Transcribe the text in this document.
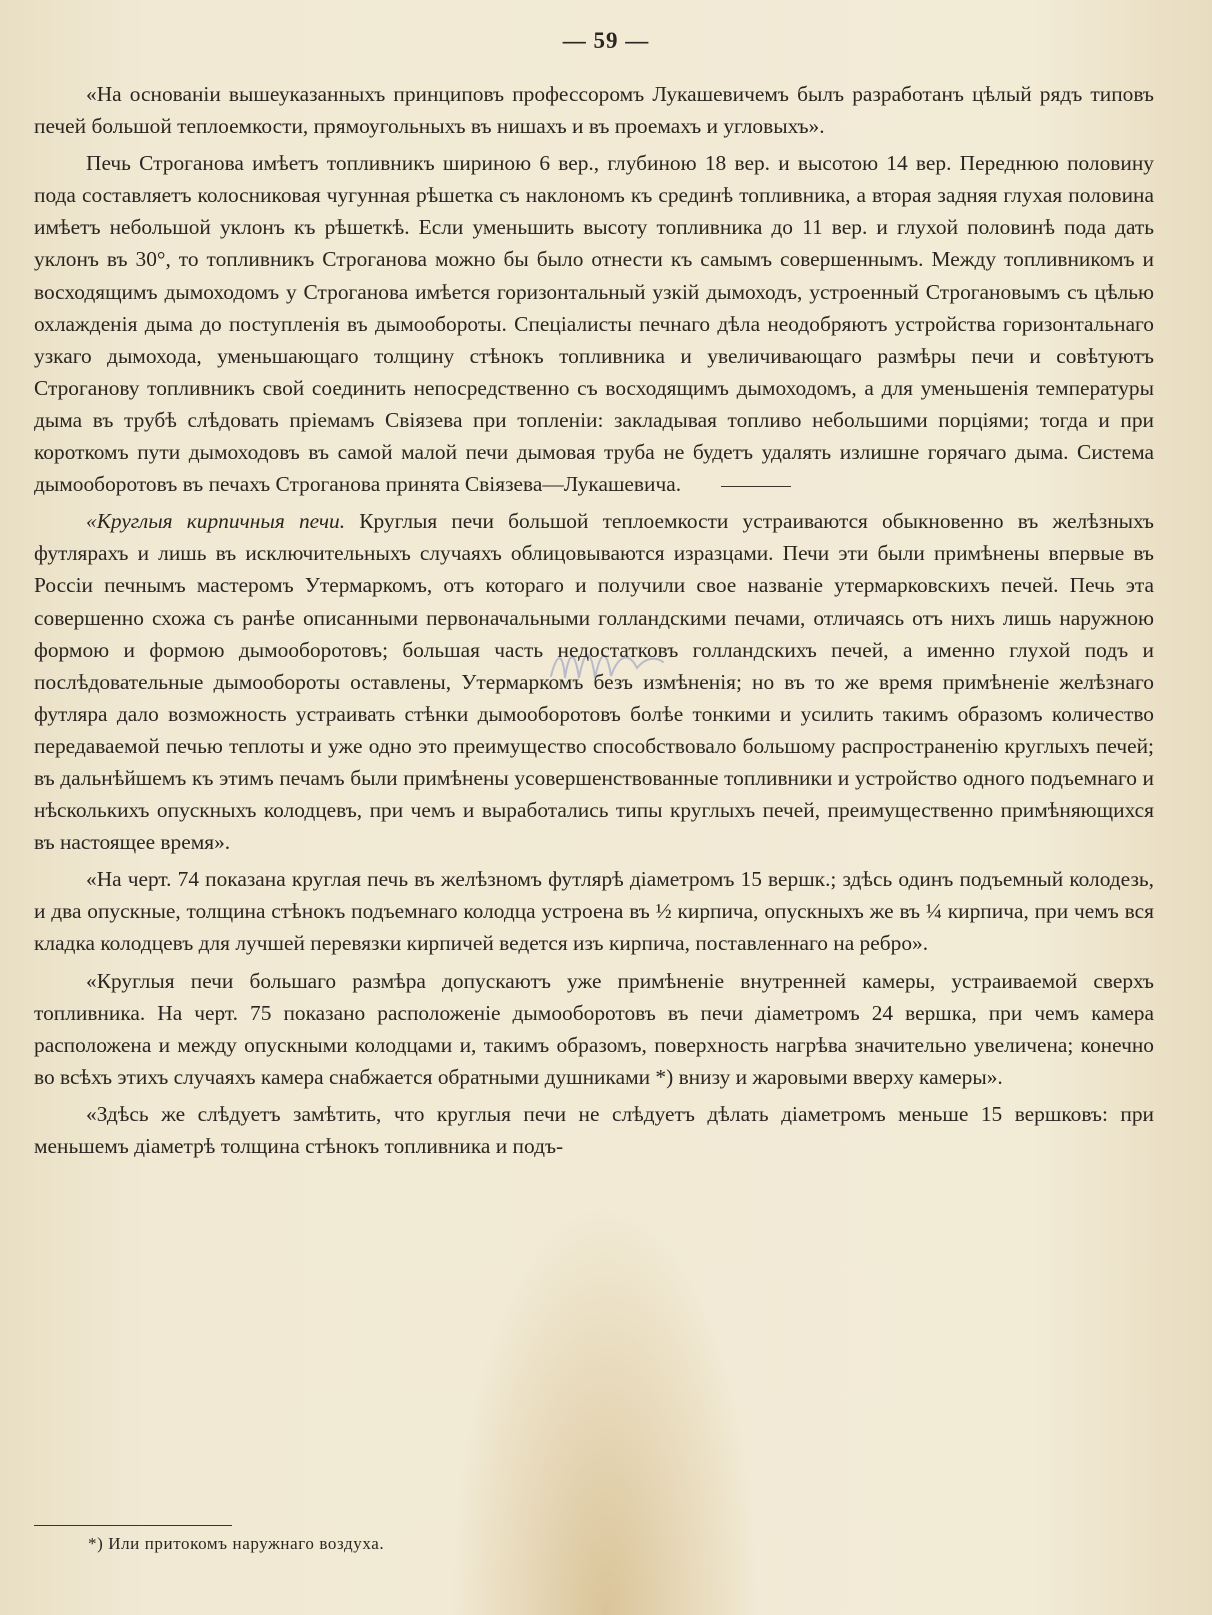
— 59 —

«На основанiи вышеуказанныхъ принциповъ профессоромъ Лукашевичемъ былъ разработанъ цѣлый рядъ типовъ печей большой теплоемкости, прямоугольныхъ въ нишахъ и въ проемахъ и угловыхъ».

Печь Строганова имѣетъ топливникъ шириною 6 вер., глубиною 18 вер. и высотою 14 вер. Переднюю половину пода составляетъ колосниковая чугунная рѣшетка съ наклономъ къ срединѣ топливника, а вторая задняя глухая половина имѣетъ небольшой уклонъ къ рѣшеткѣ. Если уменьшить высоту топливника до 11 вер. и глухой половинѣ пода дать уклонъ въ 30°, то топливникъ Строганова можно бы было отнести къ самымъ совершеннымъ. Между топливникомъ и восходящимъ дымоходомъ у Строганова имѣется горизонтальный узкiй дымоходъ, устроенный Строгановымъ съ цѣлью охлажденiя дыма до поступленiя въ дымообороты. Спецiалисты печнаго дѣла неодобряютъ устройства горизонтальнаго узкаго дымохода, уменьшающаго толщину стѣнокъ топливника и увеличивающаго размѣры печи и совѣтуютъ Строганову топливникъ свой соединить непосредственно съ восходящимъ дымоходомъ, а для уменьшенiя температуры дыма въ трубѣ слѣдовать прiемамъ Свiязева при топленiи: закладывая топливо небольшими порцiями; тогда и при короткомъ пути дымоходовъ въ самой малой печи дымовая труба не будетъ удалять излишне горячаго дыма. Система дымооборотовъ въ печахъ Строганова принята Свiязева—Лукашевича.

«Круглыя кирпичныя печи. Круглыя печи большой теплоемкости устраиваются обыкновенно въ желѣзныхъ футлярахъ и лишь въ исключительныхъ случаяхъ облицовываются изразцами. Печи эти были примѣнены впервые въ Россiи печнымъ мастеромъ Утермаркомъ, отъ котораго и получили свое названiе утермарковскихъ печей. Печь эта совершенно схожа съ ранѣе описанными первоначальными голландскими печами, отличаясь отъ нихъ лишь наружною формою и формою дымооборотовъ; большая часть недостатковъ голландскихъ печей, а именно глухой подъ и послѣдовательные дымообороты оставлены, Утермаркомъ безъ измѣненiя; но въ то же время примѣненiе желѣзнаго футляра дало возможность устраивать стѣнки дымооборотовъ болѣе тонкими и усилить такимъ образомъ количество передаваемой печью теплоты и уже одно это преимущество способствовало большому распространенiю круглыхъ печей; въ дальнѣйшемъ къ этимъ печамъ были примѣнены усовершенствованные топливники и устройство одного подъемнаго и нѣсколькихъ опускныхъ колодцевъ, при чемъ и выработались типы круглыхъ печей, преимущественно примѣняющихся въ настоящее время».

«На черт. 74 показана круглая печь въ желѣзномъ футлярѣ дiаметромъ 15 вершк.; здѣсь одинъ подъемный колодезь, и два опускные, толщина стѣнокъ подъемнаго колодца устроена въ ½ кирпича, опускныхъ же въ ¼ кирпича, при чемъ вся кладка колодцевъ для лучшей перевязки кирпичей ведется изъ кирпича, поставленнаго на ребро».

«Круглыя печи большаго размѣра допускаютъ уже примѣненiе внутренней камеры, устраиваемой сверхъ топливника. На черт. 75 показано расположенiе дымооборотовъ въ печи дiаметромъ 24 вершка, при чемъ камера расположена и между опускными колодцами и, такимъ образомъ, поверхность нагрѣва значительно увеличена; конечно во всѣхъ этихъ случаяхъ камера снабжается обратными душниками *) внизу и жаровыми вверху камеры».

«Здѣсь же слѣдуетъ замѣтить, что круглыя печи не слѣдуетъ дѣлать дiаметромъ меньше 15 вершковъ: при меньшемъ дiаметрѣ толщина стѣнокъ топливника и подъ-

*) Или притокомъ наружнаго воздуха.
